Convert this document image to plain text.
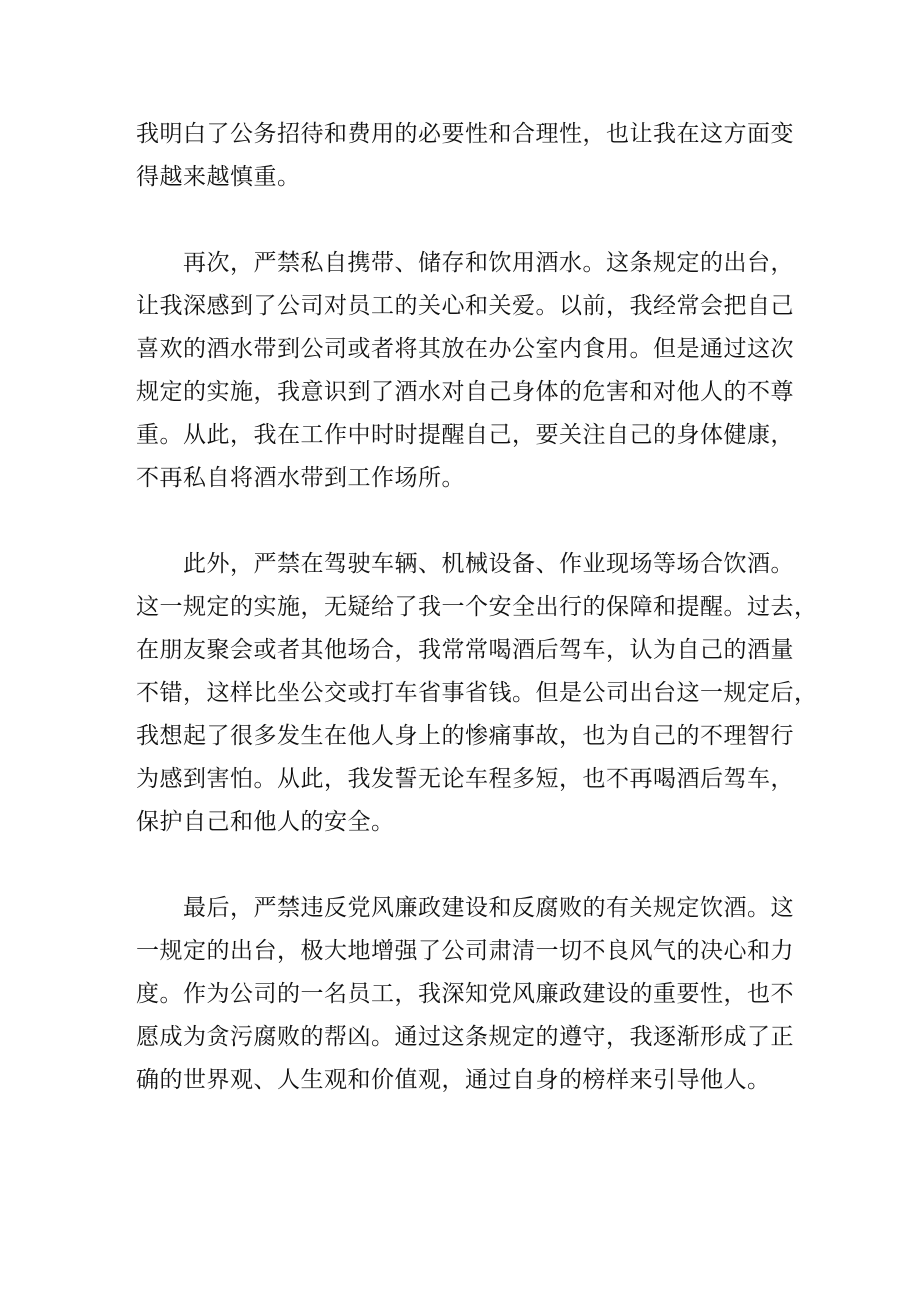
我明白了公务招待和费用的必要性和合理性，也让我在这方面变
得越来越慎重。
　　再次，严禁私自携带、储存和饮用酒水。这条规定的出台，
让我深感到了公司对员工的关心和关爱。以前，我经常会把自己
喜欢的酒水带到公司或者将其放在办公室内食用。但是通过这次
规定的实施，我意识到了酒水对自己身体的危害和对他人的不尊
重。从此，我在工作中时时提醒自己，要关注自己的身体健康，
不再私自将酒水带到工作场所。
　　此外，严禁在驾驶车辆、机械设备、作业现场等场合饮酒。
这一规定的实施，无疑给了我一个安全出行的保障和提醒。过去，
在朋友聚会或者其他场合，我常常喝酒后驾车，认为自己的酒量
不错，这样比坐公交或打车省事省钱。但是公司出台这一规定后，
我想起了很多发生在他人身上的惨痛事故，也为自己的不理智行
为感到害怕。从此，我发誓无论车程多短，也不再喝酒后驾车，
保护自己和他人的安全。
　　最后，严禁违反党风廉政建设和反腐败的有关规定饮酒。这
一规定的出台，极大地增强了公司肃清一切不良风气的决心和力
度。作为公司的一名员工，我深知党风廉政建设的重要性，也不
愿成为贪污腐败的帮凶。通过这条规定的遵守，我逐渐形成了正
确的世界观、人生观和价值观，通过自身的榜样来引导他人。
